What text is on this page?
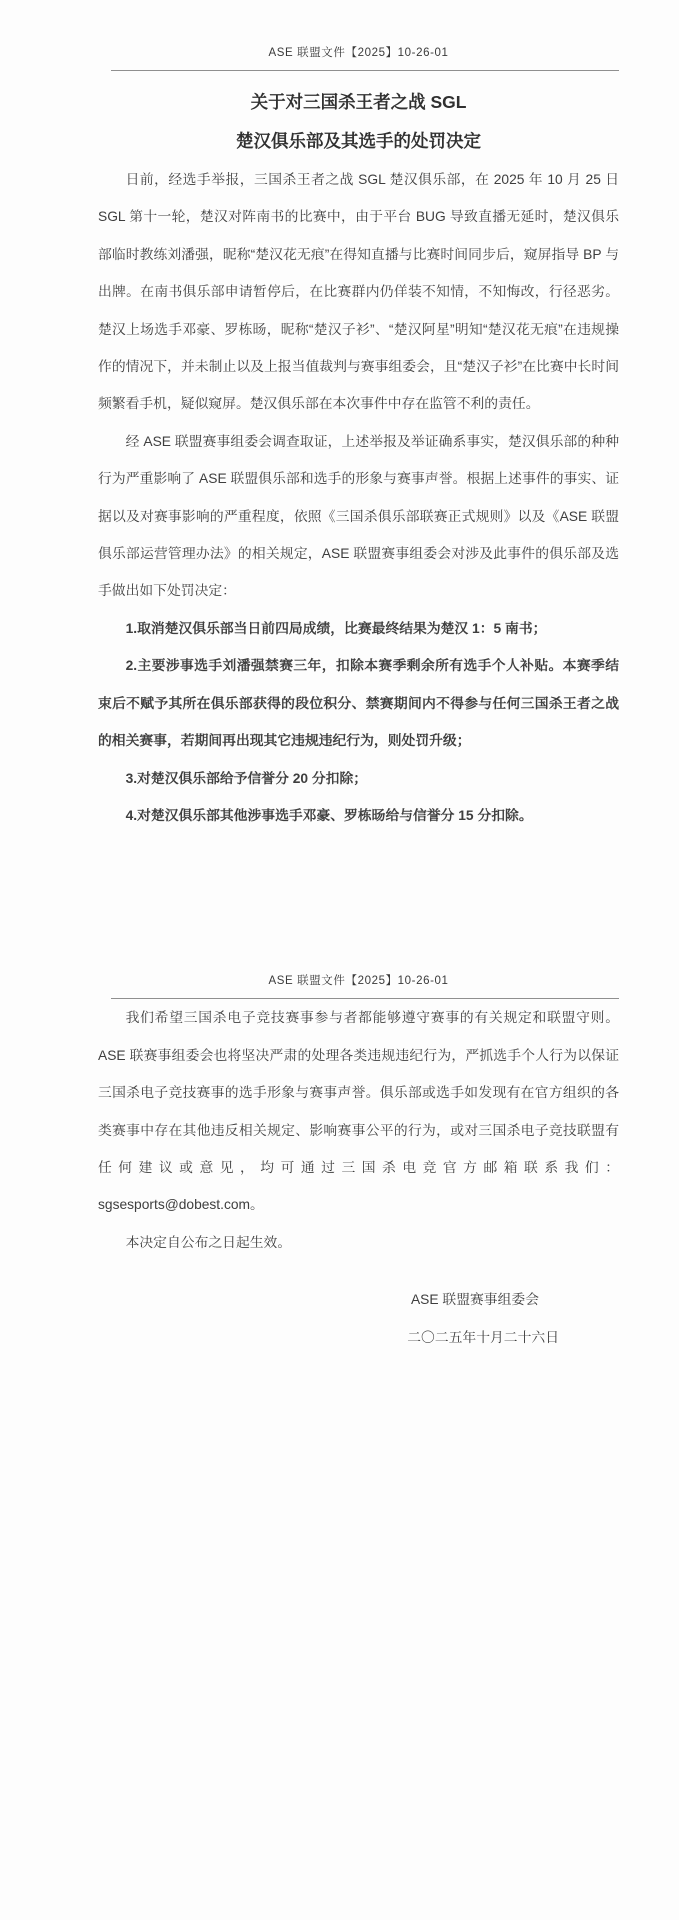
ASE 联盟文件【2025】10-26-01
关于对三国杀王者之战 SGL
楚汉俱乐部及其选手的处罚决定

日前，经选手举报，三国杀王者之战 SGL 楚汉俱乐部，在 2025 年 10 月 25 日 SGL 第十一轮，楚汉对阵南书的比赛中，由于平台 BUG 导致直播无延时，楚汉俱乐部临时教练刘潘强，昵称“楚汉花无痕”在得知直播与比赛时间同步后，窥屏指导 BP 与出牌。在南书俱乐部申请暂停后，在比赛群内仍佯装不知情，不知悔改，行径恶劣。楚汉上场选手邓豪、罗栋旸，昵称“楚汉子衫”、“楚汉阿星”明知“楚汉花无痕”在违规操作的情况下，并未制止以及上报当值裁判与赛事组委会，且“楚汉子衫”在比赛中长时间频繁看手机，疑似窥屏。楚汉俱乐部在本次事件中存在监管不利的责任。

经 ASE 联盟赛事组委会调查取证，上述举报及举证确系事实，楚汉俱乐部的种种行为严重影响了 ASE 联盟俱乐部和选手的形象与赛事声誉。根据上述事件的事实、证据以及对赛事影响的严重程度，依照《三国杀俱乐部联赛正式规则》以及《ASE 联盟俱乐部运营管理办法》的相关规定，ASE 联盟赛事组委会对涉及此事件的俱乐部及选手做出如下处罚决定：

1.取消楚汉俱乐部当日前四局成绩，比赛最终结果为楚汉 1：5 南书；

2.主要涉事选手刘潘强禁赛三年，扣除本赛季剩余所有选手个人补贴。本赛季结束后不赋予其所在俱乐部获得的段位积分、禁赛期间内不得参与任何三国杀王者之战的相关赛事，若期间再出现其它违规违纪行为，则处罚升级；

3.对楚汉俱乐部给予信誉分 20 分扣除；

4.对楚汉俱乐部其他涉事选手邓豪、罗栋旸给与信誉分 15 分扣除。

ASE 联盟文件【2025】10-26-01

我们希望三国杀电子竞技赛事参与者都能够遵守赛事的有关规定和联盟守则。ASE 联赛事组委会也将坚决严肃的处理各类违规违纪行为，严抓选手个人行为以保证三国杀电子竞技赛事的选手形象与赛事声誉。俱乐部或选手如发现有在官方组织的各类赛事中存在其他违反相关规定、影响赛事公平的行为，或对三国杀电子竞技联盟有任何建议或意见，均可通过三国杀电竞官方邮箱联系我们：sgsesports@dobest.com。

本决定自公布之日起生效。

ASE 联盟赛事组委会

二〇二五年十月二十六日
